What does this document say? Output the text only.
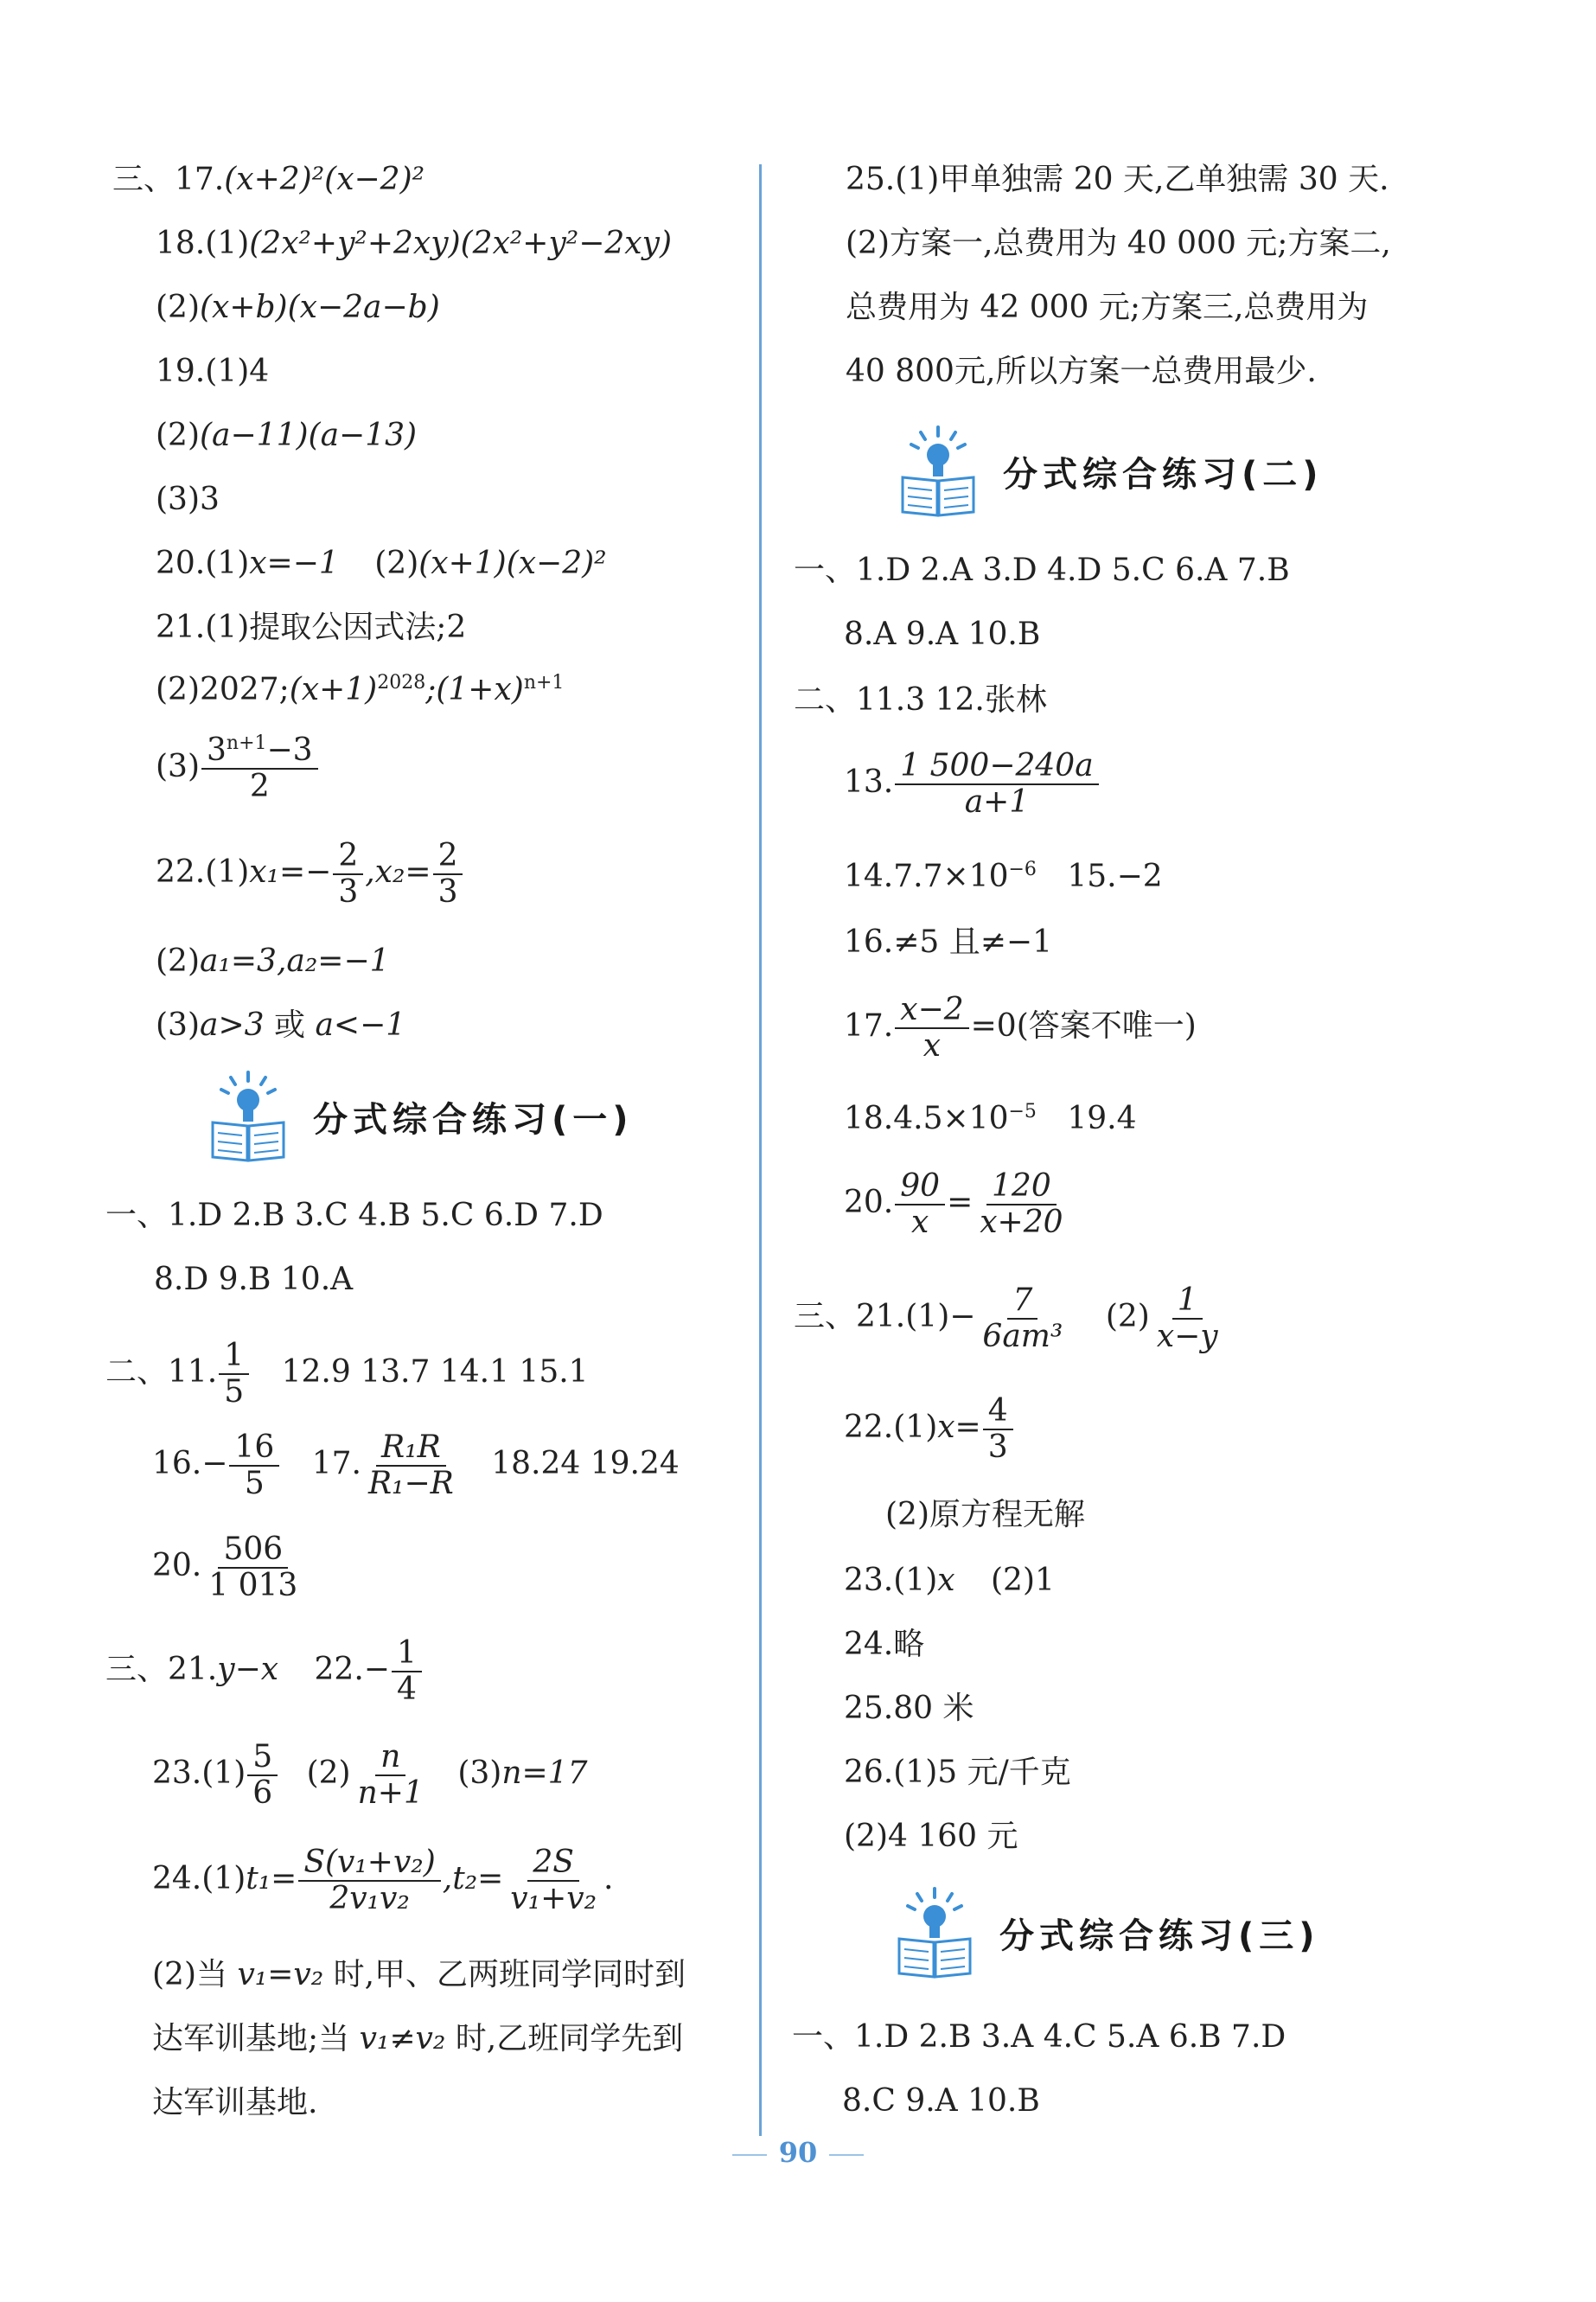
三、17.(x+2)²(x−2)²
18.(1)(2x²+y²+2xy)(2x²+y²−2xy)
(2)(x+b)(x−2a−b)
19.(1)4
(2)(a−11)(a−13)
(3)3
20.(1)x=−1 (2)(x+1)(x−2)²
21.(1)提取公因式法;2
$(2)2027;(x+1)^{2028};(1+x)^{n+1}$
$(3) \frac{3^{n+1}-3}{2}$
$22.(1)x_1=- \frac{2}{3} ,x_2= \frac{2}{3}$
(2)a₁=3,a₂=−1
(3)a>3 或 a<−1
分式综合练习(一)
一、1.D 2.B 3.C 4.B 5.C 6.D 7.D
8.D 9.B 10.A
二、11. $\frac{1}{5} 12.9$ 13.7 14.1 15.1
$16.- \frac{16}{5} 17$. $\frac{\text{R₁R}}{\text{R₁−R}} 18.24$ 19.24
20. $\frac{506}{1 013}$
三、21.y−x $22.- \frac{1}{4}$
$23.(1) \frac{5}{6} (2) \frac{n}{n+1} (3)n=17$
$24.(1)t_1= \frac{\text{S(v₁+v₂)}}{\text{2v₁v₂}} ,t_2= \frac{2S}{\text{v₁+v₂}}$ .
(2)当 v₁=v₂ 时,甲、乙两班同学同时到
达军训基地;当 v₁≠v₂ 时,乙班同学先到
达军训基地.
25.(1)甲单独需 20 天,乙单独需 30 天.
(2)方案一,总费用为 40 000 元;方案二,
总费用为 42 000 元;方案三,总费用为
40 800元,所以方案一总费用最少.
分式综合练习(二)
一、1.D 2.A 3.D 4.D 5.C 6.A 7.B
8.A 9.A 10.B
二、11.3 12.张林
13. $\frac{1 500-240a}{a+1}$
$14.7.7\times 10^{-6}$ 15.−2
16.≠5 且≠−1
17. $\frac{x-2}{x} =0$(答案不唯一)
$18.4.5\times 10^{-5}$ 19.4
20. $\frac{90}{x} = \frac{120}{x+20}$
三、$21.(1)- \frac{7}{\text{6am³}} (2) \frac{1}{x-y}$
$22.(1)x= \frac{4}{3}$
(2)原方程无解
23.(1)x (2)1
24.略
25.80 米
26.(1)5 元/千克
(2)4 160 元
分式综合练习(三)
一、1.D 2.B 3.A 4.C 5.A 6.B 7.D
8.C 9.A 10.B
90
